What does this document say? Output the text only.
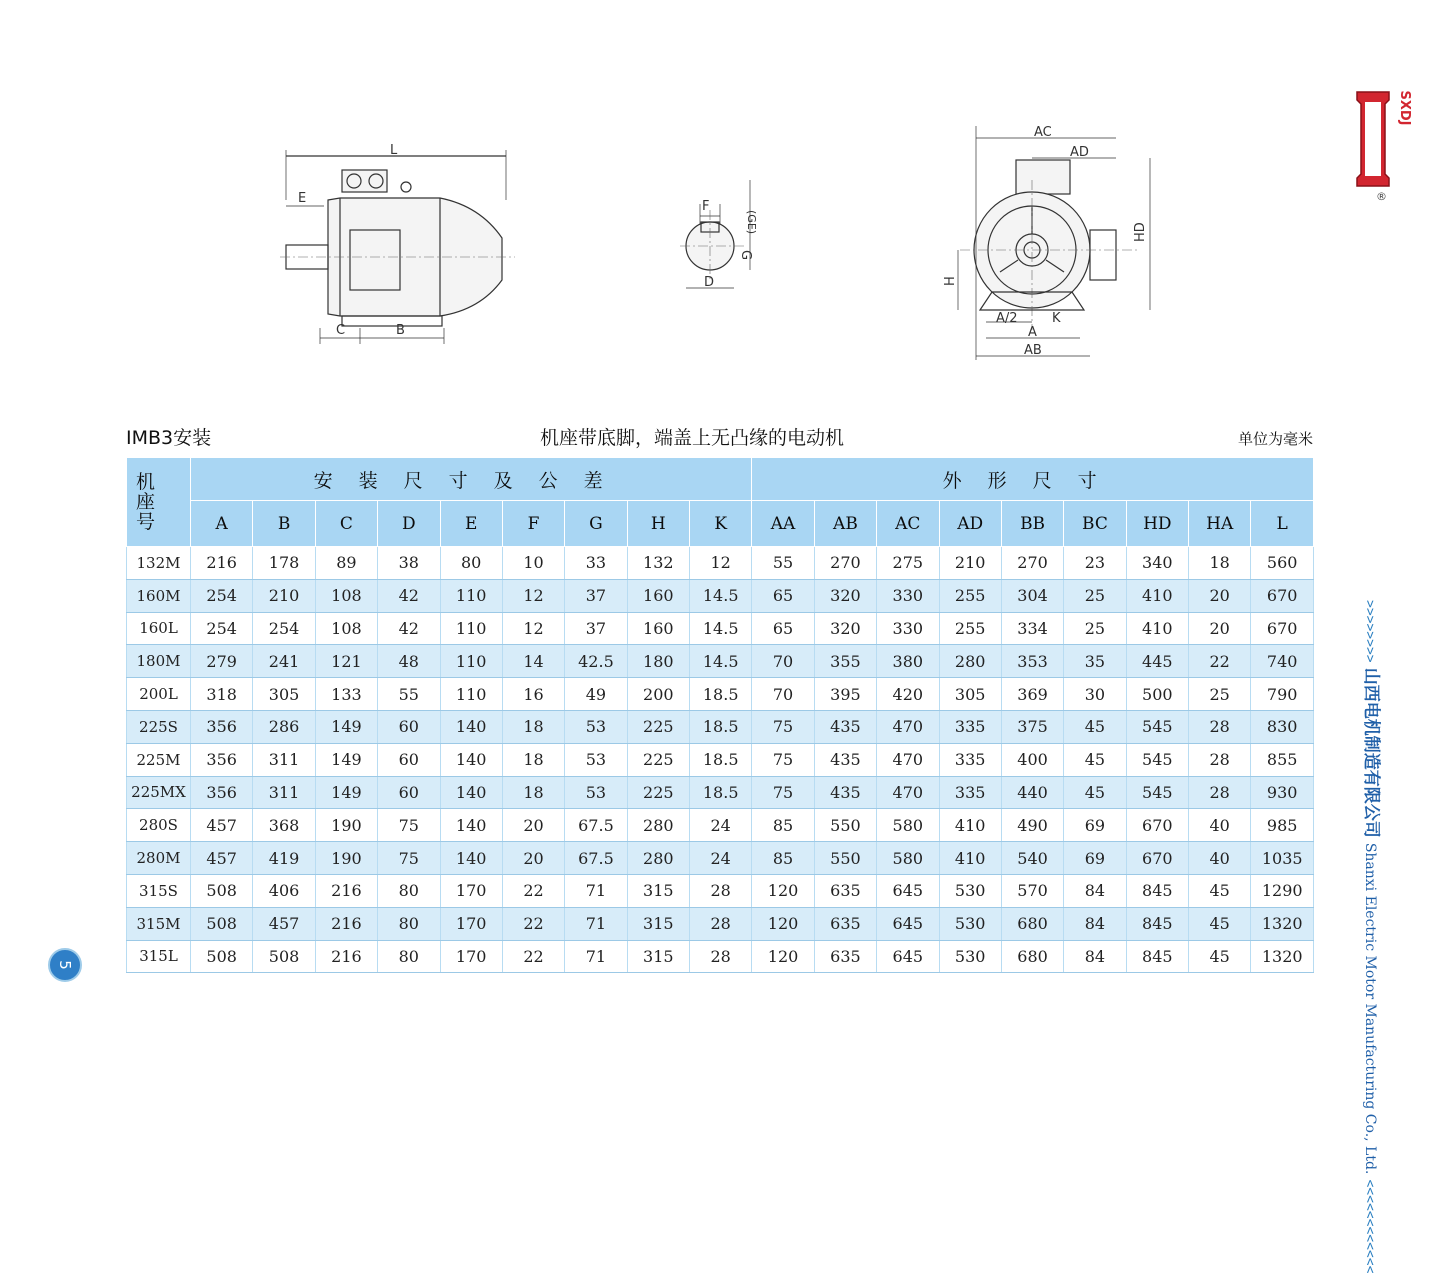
L
E
C	B
F
(GE)
G
D
AC
AD
HD
H
A/2	K
A
AB
SXDJ
®
IMB3安装	机座带底脚，端盖上无凸缘的电动机	单位为毫米
机
座
号	安装尺寸及公差									外形尺寸								
	A	B	C	D	E	F	G	H	K	AA	AB	AC	AD	BB	BC	HD	HA	L
132M	216	178	89	38	80	10	33	132	12	55	270	275	210	270	23	340	18	560
160M	254	210	108	42	110	12	37	160	14.5	65	320	330	255	304	25	410	20	670
160L	254	254	108	42	110	12	37	160	14.5	65	320	330	255	334	25	410	20	670
180M	279	241	121	48	110	14	42.5	180	14.5	70	355	380	280	353	35	445	22	740
200L	318	305	133	55	110	16	49	200	18.5	70	395	420	305	369	30	500	25	790
225S	356	286	149	60	140	18	53	225	18.5	75	435	470	335	375	45	545	28	830
225M	356	311	149	60	140	18	53	225	18.5	75	435	470	335	400	45	545	28	855
225MX	356	311	149	60	140	18	53	225	18.5	75	435	470	335	440	45	545	28	930
280S	457	368	190	75	140	20	67.5	280	24	85	550	580	410	490	69	670	40	985
280M	457	419	190	75	140	20	67.5	280	24	85	550	580	410	540	69	670	40	1035
315S	508	406	216	80	170	22	71	315	28	120	635	645	530	570	84	845	45	1290
315M	508	457	216	80	170	22	71	315	28	120	635	645	530	680	84	845	45	1320
315L	508	508	216	80	170	22	71	315	28	120	635	645	530	680	84	845	45	1320
>>>>>>>> 山西电机制造有限公司 Shanxi Electric Motor Manufacturing Co., Ltd. <<<<<<<<<<<<
5
